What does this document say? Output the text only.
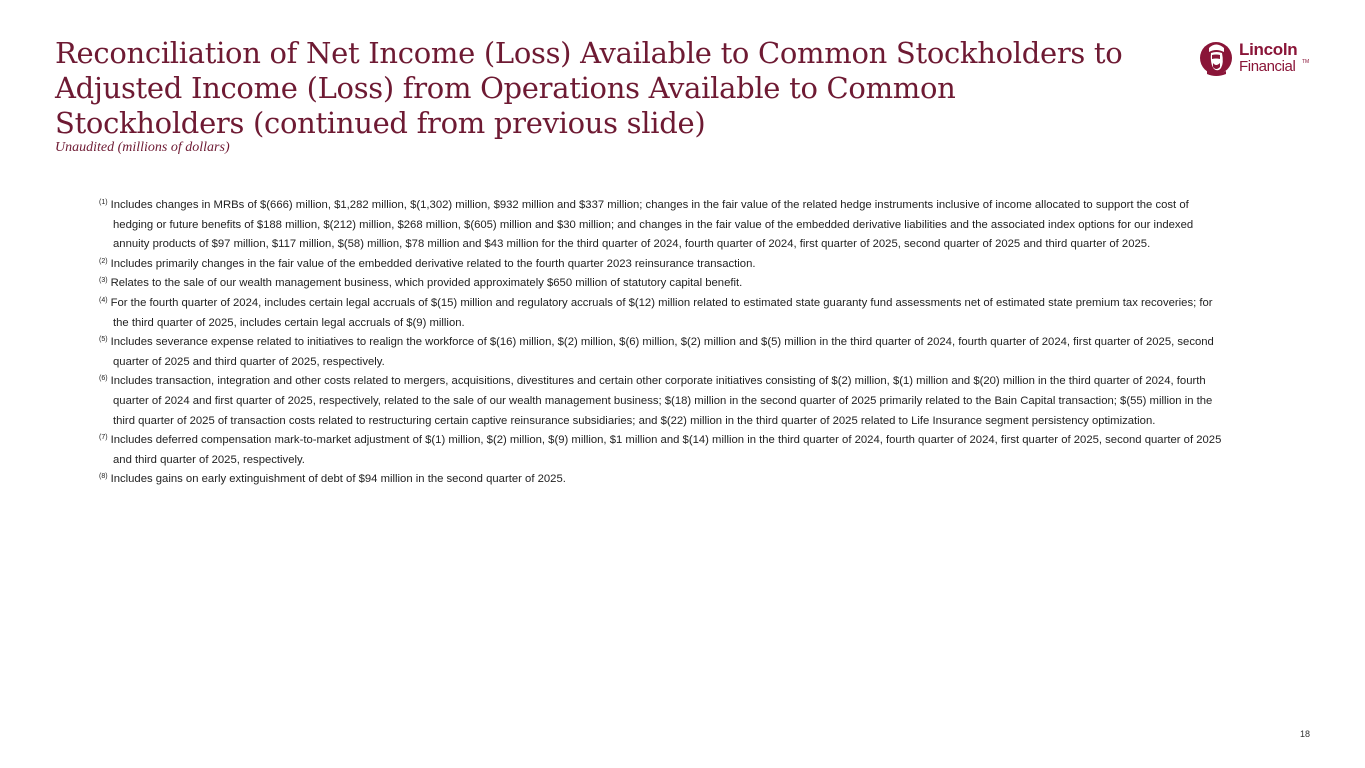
Reconciliation of Net Income (Loss) Available to Common Stockholders to
Adjusted Income (Loss) from Operations Available to Common
Stockholders (continued from previous slide)
Unaudited (millions of dollars)
Lincoln
Financial TM
$^{(1)}$ Includes changes in MRBs of $(666) million, $1,282 million, $(1,302) million, $932 million and $337 million; changes in the fair value of the related hedge instruments inclusive of income allocated to support the cost of hedging or future benefits of $188 million, $(212) million, $268 million, $(605) million and $30 million; and changes in the fair value of the embedded derivative liabilities and the associated index options for our indexed annuity products of $97 million, $117 million, $(58) million, $78 million and $43 million for the third quarter of 2024, fourth quarter of 2024, first quarter of 2025, second quarter of 2025 and third quarter of 2025.
$^{(2)}$ Includes primarily changes in the fair value of the embedded derivative related to the fourth quarter 2023 reinsurance transaction.
$^{(3)}$ Relates to the sale of our wealth management business, which provided approximately $650 million of statutory capital benefit.
$^{(4)}$ For the fourth quarter of 2024, includes certain legal accruals of $(15) million and regulatory accruals of $(12) million related to estimated state guaranty fund assessments net of estimated state premium tax recoveries; for the third quarter of 2025, includes certain legal accruals of $(9) million.
$^{(5)}$ Includes severance expense related to initiatives to realign the workforce of $(16) million, $(2) million, $(6) million, $(2) million and $(5) million in the third quarter of 2024, fourth quarter of 2024, first quarter of 2025, second quarter of 2025 and third quarter of 2025, respectively.
$^{(6)}$ Includes transaction, integration and other costs related to mergers, acquisitions, divestitures and certain other corporate initiatives consisting of $(2) million, $(1) million and $(20) million in the third quarter of 2024, fourth quarter of 2024 and first quarter of 2025, respectively, related to the sale of our wealth management business; $(18) million in the second quarter of 2025 primarily related to the Bain Capital transaction; $(55) million in the third quarter of 2025 of transaction costs related to restructuring certain captive reinsurance subsidiaries; and $(22) million in the third quarter of 2025 related to Life Insurance segment persistency optimization.
$^{(7)}$ Includes deferred compensation mark-to-market adjustment of $(1) million, $(2) million, $(9) million, $1 million and $(14) million in the third quarter of 2024, fourth quarter of 2024, first quarter of 2025, second quarter of 2025 and third quarter of 2025, respectively.
$^{(8)}$ Includes gains on early extinguishment of debt of $94 million in the second quarter of 2025.
18
